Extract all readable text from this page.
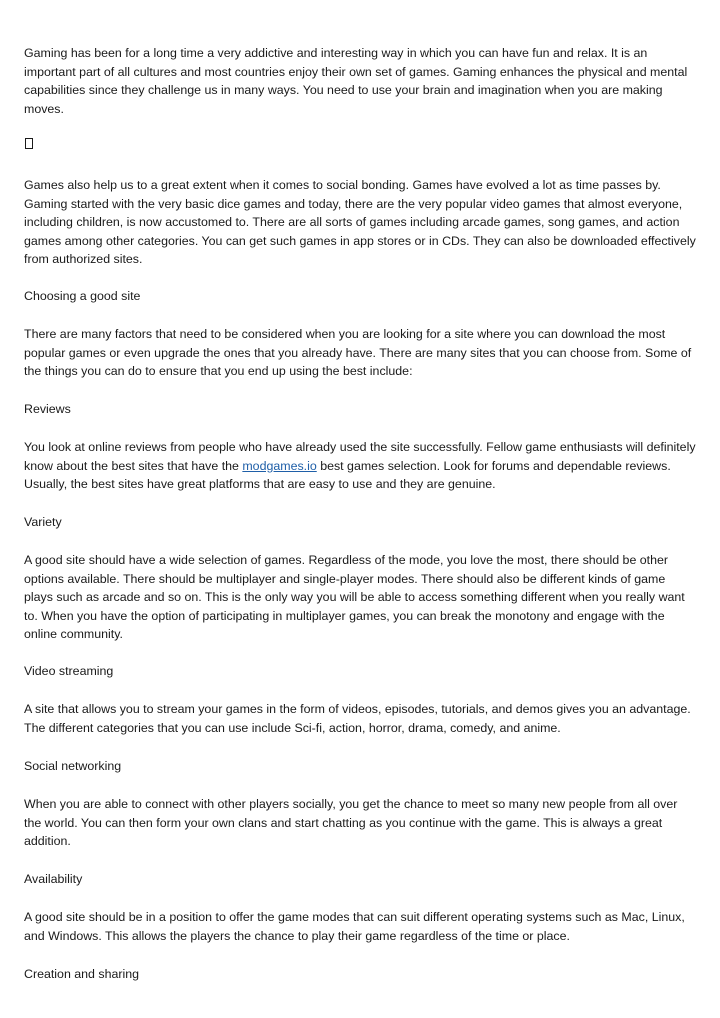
Gaming has been for a long time a very addictive and interesting way in which you can have fun and relax. It is an important part of all cultures and most countries enjoy their own set of games. Gaming enhances the physical and mental capabilities since they challenge us in many ways. You need to use your brain and imagination when you are making moves.

Games also help us to a great extent when it comes to social bonding. Games have evolved a lot as time passes by. Gaming started with the very basic dice games and today, there are the very popular video games that almost everyone, including children, is now accustomed to. There are all sorts of games including arcade games, song games, and action games among other categories. You can get such games in app stores or in CDs. They can also be downloaded effectively from authorized sites.

Choosing a good site

There are many factors that need to be considered when you are looking for a site where you can download the most popular games or even upgrade the ones that you already have. There are many sites that you can choose from. Some of the things you can do to ensure that you end up using the best include:

Reviews

You look at online reviews from people who have already used the site successfully. Fellow game enthusiasts will definitely know about the best sites that have the modgames.io best games selection. Look for forums and dependable reviews. Usually, the best sites have great platforms that are easy to use and they are genuine.

Variety

A good site should have a wide selection of games. Regardless of the mode, you love the most, there should be other options available. There should be multiplayer and single-player modes. There should also be different kinds of game plays such as arcade and so on. This is the only way you will be able to access something different when you really want to. When you have the option of participating in multiplayer games, you can break the monotony and engage with the online community.

Video streaming

A site that allows you to stream your games in the form of videos, episodes, tutorials, and demos gives you an advantage. The different categories that you can use include Sci-fi, action, horror, drama, comedy, and anime.

Social networking

When you are able to connect with other players socially, you get the chance to meet so many new people from all over the world. You can then form your own clans and start chatting as you continue with the game. This is always a great addition.

Availability

A good site should be in a position to offer the game modes that can suit different operating systems such as Mac, Linux, and Windows. This allows the players the chance to play their game regardless of the time or place.

Creation and sharing
